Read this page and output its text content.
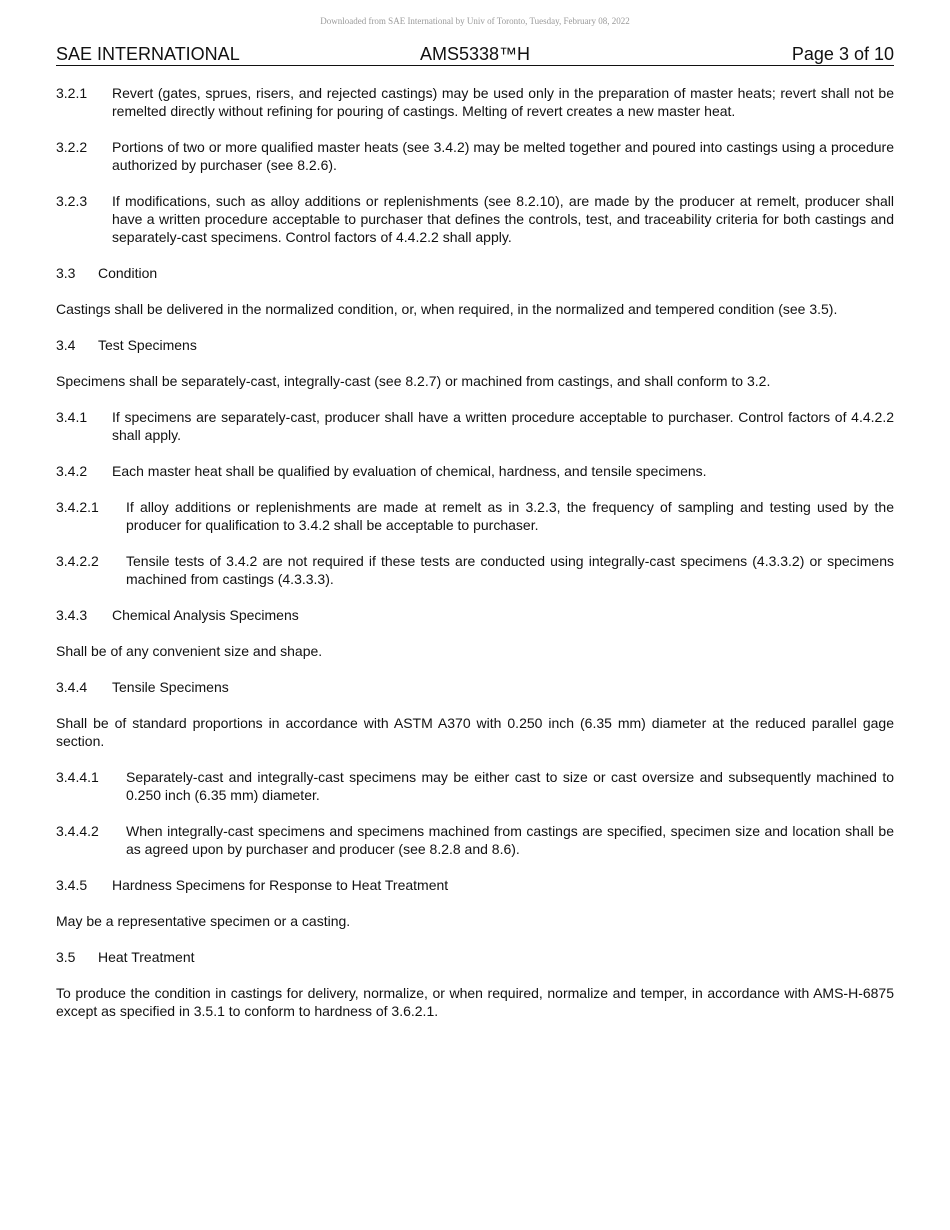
Downloaded from SAE International by Univ of Toronto, Tuesday, February 08, 2022
SAE INTERNATIONAL	AMS5338™H	Page 3 of 10
3.2.1	Revert (gates, sprues, risers, and rejected castings) may be used only in the preparation of master heats; revert shall not be remelted directly without refining for pouring of castings. Melting of revert creates a new master heat.
3.2.2	Portions of two or more qualified master heats (see 3.4.2) may be melted together and poured into castings using a procedure authorized by purchaser (see 8.2.6).
3.2.3	If modifications, such as alloy additions or replenishments (see 8.2.10), are made by the producer at remelt, producer shall have a written procedure acceptable to purchaser that defines the controls, test, and traceability criteria for both castings and separately-cast specimens. Control factors of 4.4.2.2 shall apply.
3.3	Condition
Castings shall be delivered in the normalized condition, or, when required, in the normalized and tempered condition (see 3.5).
3.4	Test Specimens
Specimens shall be separately-cast, integrally-cast (see 8.2.7) or machined from castings, and shall conform to 3.2.
3.4.1	If specimens are separately-cast, producer shall have a written procedure acceptable to purchaser. Control factors of 4.4.2.2 shall apply.
3.4.2	Each master heat shall be qualified by evaluation of chemical, hardness, and tensile specimens.
3.4.2.1	If alloy additions or replenishments are made at remelt as in 3.2.3, the frequency of sampling and testing used by the producer for qualification to 3.4.2 shall be acceptable to purchaser.
3.4.2.2	Tensile tests of 3.4.2 are not required if these tests are conducted using integrally-cast specimens (4.3.3.2) or specimens machined from castings (4.3.3.3).
3.4.3	Chemical Analysis Specimens
Shall be of any convenient size and shape.
3.4.4	Tensile Specimens
Shall be of standard proportions in accordance with ASTM A370 with 0.250 inch (6.35 mm) diameter at the reduced parallel gage section.
3.4.4.1	Separately-cast and integrally-cast specimens may be either cast to size or cast oversize and subsequently machined to 0.250 inch (6.35 mm) diameter.
3.4.4.2	When integrally-cast specimens and specimens machined from castings are specified, specimen size and location shall be as agreed upon by purchaser and producer (see 8.2.8 and 8.6).
3.4.5	Hardness Specimens for Response to Heat Treatment
May be a representative specimen or a casting.
3.5	Heat Treatment
To produce the condition in castings for delivery, normalize, or when required, normalize and temper, in accordance with AMS-H-6875 except as specified in 3.5.1 to conform to hardness of 3.6.2.1.
